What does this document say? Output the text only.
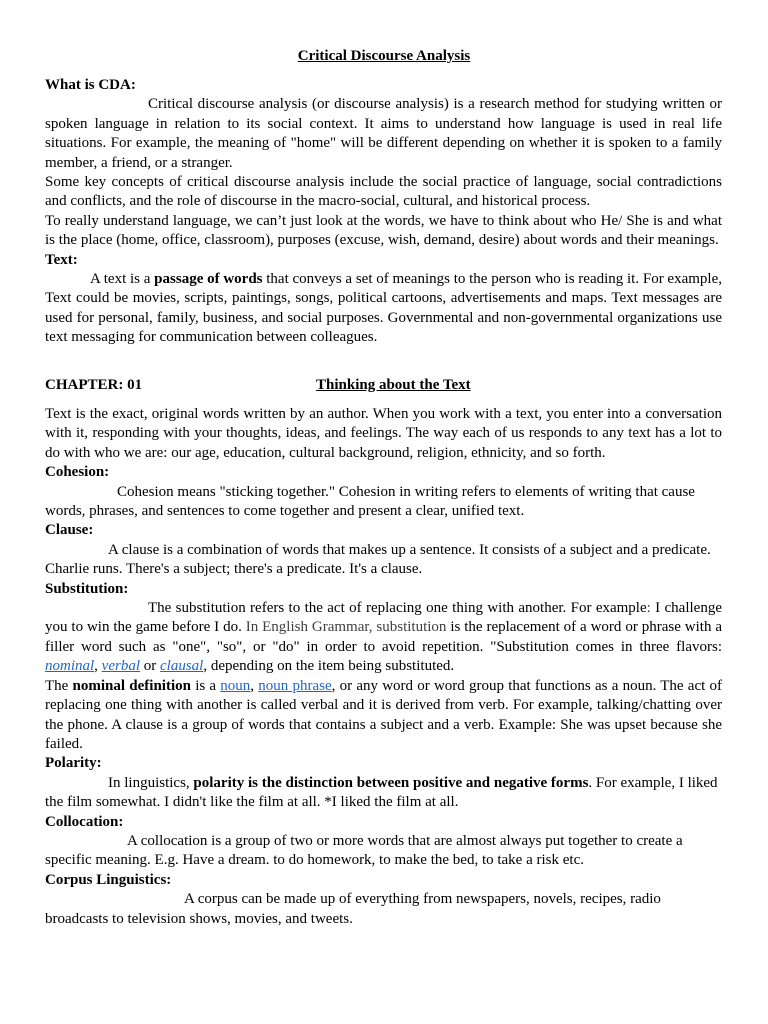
Critical Discourse Analysis
What is CDA:

Critical discourse analysis (or discourse analysis) is a research method for studying written or spoken language in relation to its social context. It aims to understand how language is used in real life situations. For example, the meaning of "home" will be different depending on whether it is spoken to a family member, a friend, or a stranger.

Some key concepts of critical discourse analysis include the social practice of language, social contradictions and conflicts, and the role of discourse in the macro-social, cultural, and historical process.

To really understand language, we can’t just look at the words, we have to think about who He/ She is and what is the place (home, office, classroom), purposes (excuse, wish, demand, desire) about words and their meanings.

Text:

A text is a passage of words that conveys a set of meanings to the person who is reading it. For example, Text could be movies, scripts, paintings, songs, political cartoons, advertisements and maps. Text messages are used for personal, family, business, and social purposes. Governmental and non-governmental organizations use text messaging for communication between colleagues.

CHAPTER: 01	Thinking about the Text

Text is the exact, original words written by an author. When you work with a text, you enter into a conversation with it, responding with your thoughts, ideas, and feelings. The way each of us responds to any text has a lot to do with who we are: our age, education, cultural background, religion, ethnicity, and so forth.

Cohesion:

Cohesion means "sticking together." Cohesion in writing refers to elements of writing that cause words, phrases, and sentences to come together and present a clear, unified text.

Clause:

A clause is a combination of words that makes up a sentence. It consists of a subject and a predicate. Charlie runs. There's a subject; there's a predicate. It's a clause.

Substitution:

The substitution refers to the act of replacing one thing with another. For example: I challenge you to win the game before I do. In English Grammar, substitution is the replacement of a word or phrase with a filler word such as "one", "so", or "do" in order to avoid repetition. "Substitution comes in three flavors: nominal, verbal or clausal, depending on the item being substituted.

The nominal definition is a noun, noun phrase, or any word or word group that functions as a noun. The act of replacing one thing with another is called verbal and it is derived from verb. For example, talking/chatting over the phone. A clause is a group of words that contains a subject and a verb. Example: She was upset because she failed.

Polarity:

In linguistics, polarity is the distinction between positive and negative forms. For example, I liked the film somewhat. I didn't like the film at all. *I liked the film at all.

Collocation:

A collocation is a group of two or more words that are almost always put together to create a specific meaning. E.g. Have a dream. to do homework, to make the bed, to take a risk etc.

Corpus Linguistics:

A corpus can be made up of everything from newspapers, novels, recipes, radio broadcasts to television shows, movies, and tweets.
